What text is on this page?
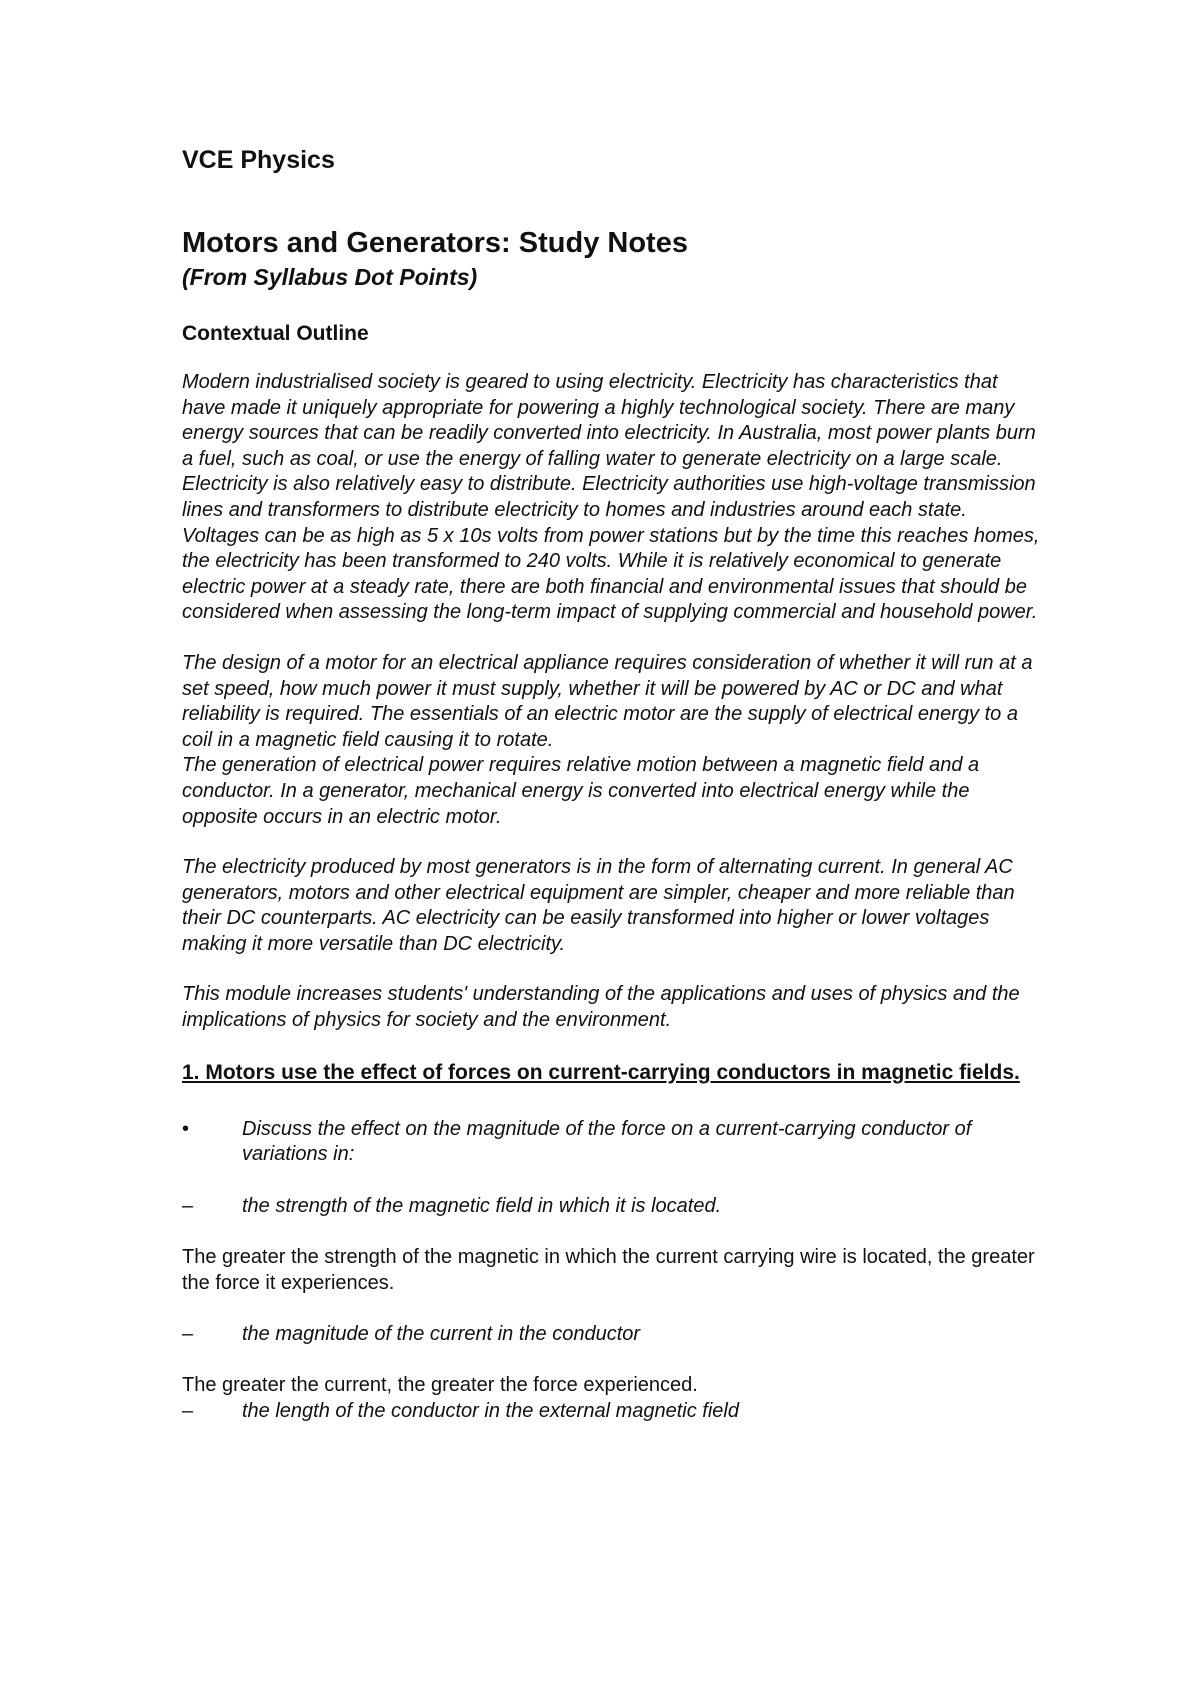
VCE Physics
Motors and Generators: Study Notes
(From Syllabus Dot Points)
Contextual Outline

Modern industrialised society is geared to using electricity. Electricity has characteristics that have made it uniquely appropriate for powering a highly technological society. There are many energy sources that can be readily converted into electricity. In Australia, most power plants burn a fuel, such as coal, or use the energy of falling water to generate electricity on a large scale. Electricity is also relatively easy to distribute. Electricity authorities use high-voltage transmission lines and transformers to distribute electricity to homes and industries around each state. Voltages can be as high as 5 x 10s volts from power stations but by the time this reaches homes, the electricity has been transformed to 240 volts. While it is relatively economical to generate electric power at a steady rate, there are both financial and environmental issues that should be considered when assessing the long-term impact of supplying commercial and household power.

The design of a motor for an electrical appliance requires consideration of whether it will run at a set speed, how much power it must supply, whether it will be powered by AC or DC and what reliability is required. The essentials of an electric motor are the supply of electrical energy to a coil in a magnetic field causing it to rotate.

The generation of electrical power requires relative motion between a magnetic field and a conductor. In a generator, mechanical energy is converted into electrical energy while the opposite occurs in an electric motor.

The electricity produced by most generators is in the form of alternating current. In general AC generators, motors and other electrical equipment are simpler, cheaper and more reliable than their DC counterparts. AC electricity can be easily transformed into higher or lower voltages making it more versatile than DC electricity.

This module increases students' understanding of the applications and uses of physics and the implications of physics for society and the environment.

1. Motors use the effect of forces on current-carrying conductors in magnetic fields.
•	Discuss the effect on the magnitude of the force on a current-carrying conductor of variations in:
–	the strength of the magnetic field in which it is located.

The greater the strength of the magnetic in which the current carrying wire is located, the greater the force it experiences.

–	the magnitude of the current in the conductor

The greater the current, the greater the force experienced.

–	the length of the conductor in the external magnetic field
